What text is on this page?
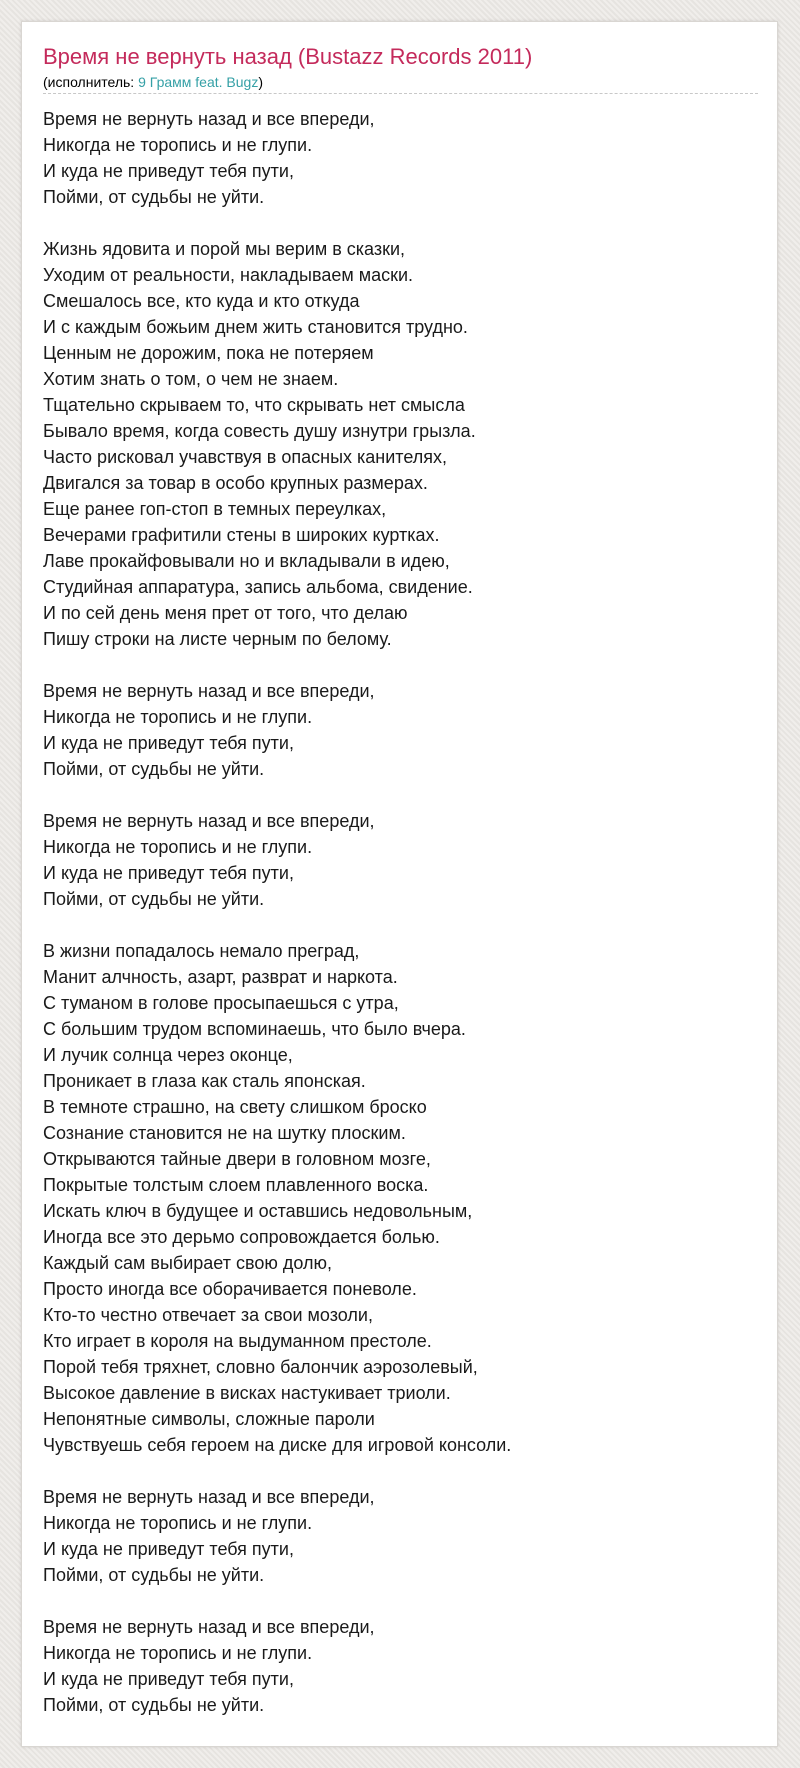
Время не вернуть назад (Bustazz Records 2011)
(исполнитель: 9 Грамм feat. Bugz)
Время не вернуть назад и все впереди,
Никогда не торопись и не глупи.
И куда не приведут тебя пути,
Пойми, от судьбы не уйти.
Жизнь ядовита и порой мы верим в сказки,
Уходим от реальности, накладываем маски.
Смешалось все, кто куда и кто откуда
И с каждым божьим днем жить становится трудно.
Ценным не дорожим, пока не потеряем
Хотим знать о том, о чем не знаем.
Тщательно скрываем то, что скрывать нет смысла
Бывало время, когда совесть душу изнутри грызла.
Часто рисковал учавствуя в опасных канителях,
Двигался за товар в особо крупных размерах.
Еще ранее гоп-стоп в темных переулках,
Вечерами графитили стены в широких куртках.
Лаве прокайфовывали но и вкладывали в идею,
Студийная аппаратура, запись альбома, свидение.
И по сей день меня прет от того, что делаю
Пишу строки на листе черным по белому.
Время не вернуть назад и все впереди,
Никогда не торопись и не глупи.
И куда не приведут тебя пути,
Пойми, от судьбы не уйти.
Время не вернуть назад и все впереди,
Никогда не торопись и не глупи.
И куда не приведут тебя пути,
Пойми, от судьбы не уйти.
В жизни попадалось немало преград,
Манит алчность, азарт, разврат и наркота.
С туманом в голове просыпаешься с утра,
С большим трудом вспоминаешь, что было вчера.
И лучик солнца через оконце,
Проникает в глаза как сталь японская.
В темноте страшно, на свету слишком броско
Сознание становится не на шутку плоским.
Открываются тайные двери в головном мозге,
Покрытые толстым слоем плавленного воска.
Искать ключ в будущее и оставшись недовольным,
Иногда все это дерьмо сопровождается болью.
Каждый сам выбирает свою долю,
Просто иногда все оборачивается поневоле.
Кто-то честно отвечает за свои мозоли,
Кто играет в короля на выдуманном престоле.
Порой тебя тряхнет, словно балончик аэрозолевый,
Высокое давление в висках настукивает триоли.
Непонятные символы, сложные пароли
Чувствуешь себя героем на диске для игровой консоли.
Время не вернуть назад и все впереди,
Никогда не торопись и не глупи.
И куда не приведут тебя пути,
Пойми, от судьбы не уйти.
Время не вернуть назад и все впереди,
Никогда не торопись и не глупи.
И куда не приведут тебя пути,
Пойми, от судьбы не уйти.
